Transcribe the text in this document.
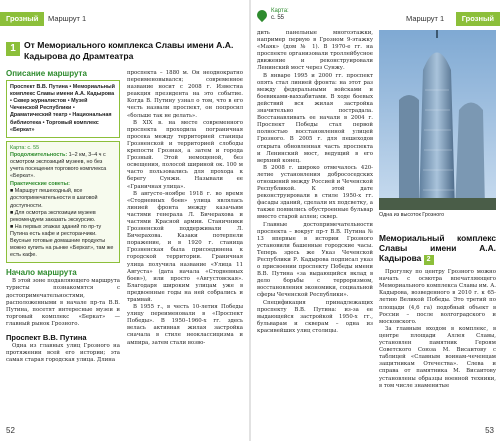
Грозный	Маршрут 1
1 От Мемориального комплекса Славы имени А.А. Кадырова до Драмтеатра
Описание маршрута
Проспект В.В. Путина • Мемориальный комплекс Славы имени А.А. Кадырова • Сквер журналистов • Музей Чеченской Республики • Драматический театр • Национальная библиотека • Торговый комплекс «Беркат»
Карта: с. 55
Продолжительность: 1–2 км, 3–4 ч с осмотром экспозиций музеев, но без учета посещения торгового комплекса «Беркат».
Практические советы:
■ Маршрут пешеходный, все достопримечательности в шаговой доступности.
■ Для осмотра экспозиции музеев рекомендуем заказать экскурсию.
■ На первых этажах зданий по пр-ту Путина есть кафе и ресторанчики. Вкусные готовые домашние продукты можно купить на рынке «Беркат», там же есть кафе.
Начало маршрута

В этой зоне подавляющего маршрута туристы познакомятся с достопримечательностями, расположенными в начале пр-та В.В. Путина, посетят интересные музеи и торговый комплекс «Беркат» — главный рынок Грозного.

Проспект В.В. Путина

Одна из главных улиц Грозного на протяжении всей его истории; эта самая старая городская улица. Длина

проспекта – 1880 м. Он неоднократно переименовывался; современное название носит с 2008 г. Известна реакция президента на это событие. Когда В. Путину узнал о том, что в его честь назвали проспект, он попросил «больше так не делать».

В XIX в. на месте современного проспекта проходила пограничная просека между территорией станицы Грозненской и территорией слободы крепости Грозная, а затем и города Грозный. Этой немощеной, без освещения, полосой шириной ок. 100 м часто пользовались для прохода к берегу Сунжи. Называли ее «Граничная улица».

В августе–ноябре 1918 г. во время «Стодневных боев» улица являлась линией фронта между казачьим частями генерала Л. Бичерахова и частями Красной армии. Станичники Грозненской поддерживали Л. Бичерахова. Казаки потерпели поражение, и в 1920 г. станица Грозненская была присоединена к городской территории. Граничная улица получила название «Улица 11 Августа» (дата начала «Стодневных боев»), или просто «Августовская». Благодаря широким улицам уже в предвоенные годы на ней собрались и трамвай.

В 1955 г., в честь 10-летия Победы улицу переименовали в «Проспект Победы». В 1950–1960-х гг. здесь велась активная жилая застройка сначала в стиле неоклассицизма и ампира, затем стали возво-

52
Карта:
с. 55	Маршрут 1	Грозный

дить панельные многоэтажки, например первую в Грозном 9-этажку «Маяк» (дом № 1). В 1970-е гг. на проспекте организовали троллейбусное движение и реконструировали Ленинский мост через Сунжу.

В январе 1995 и 2000 гг. проспект опять стал линией фронта: на этот раз между федеральными войсками и боевиками-ваххабитами. В ходе боевых действий вся жилая застройка значительно пострадала. Восстанавливать ее начали в 2004 г. Проспект Победы стал первой полностью восстановленной улицей Грозного. В 2005 г. для пешеходов открыта обновленная часть проспекта и Ленинский мост, ведущий в его верхний конец.

В 2008 г. широко отмечалось 420-летие установления добрососедских отношений между Россией и Чеченской Республикой. К этой дате реконструировали в стиле 1950-х гг. фасады зданий, сделали их подсветку, а также появились обустроенные бульвар вместо старой аллеи; сквер.

Главные достопримечательности проспекта – вокруг пр-т В.В. Путина № 13 впервые в истории Грозного установили башенные городские часы. Теперь здесь же Указ Чеченской Республики Р. Кадырова подписал указ о присвоении проспекту Победы имени В.В. Путина «за выдающийся вклад в дело борьбы с терроризмом, восстановления экономики, социальной сферы Чеченской Республики».

Спецификация принадлежащих проспекту В.В. Путина: из-за ее выдающейся застройкой 1950-х гг., бульварам и скверам – одна из красивейших улиц столицы.

Одна из высоток Грозного
Мемориальный комплекс Славы имени А.А. Кадырова 2

Прогулку по центру Грозного можно начать с осмотра впечатляющего Мемориального комплекса Славы им. А. Кадырова, возведенного в 2010 г. к 65-летию Великой Победы. Это третий по площади (4,6 га) подобный объект в России – после волгоградского и московского.

За главным входом в комплекс, в центре площади Аллея Славы, установлен памятник Героям Советского Союза М. Висаитову с таблицей «Славным воинам-чеченцам защитникам Отечества». Слева и справа от памятника М. Висаитову установлены образцы военной техники, в том числе знаменитые

53
